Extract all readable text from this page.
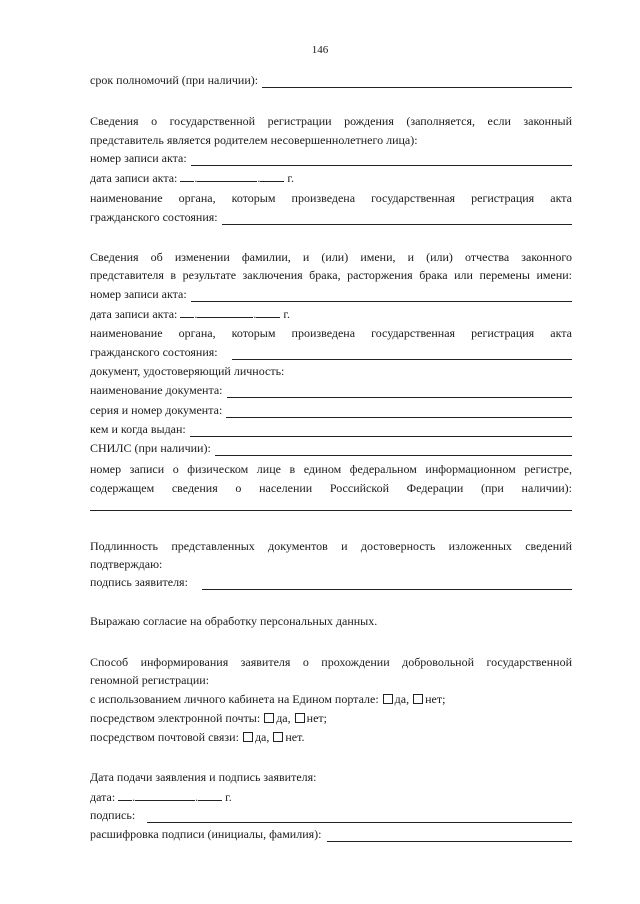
146
срок полномочий (при наличии):
Сведения о государственной регистрации рождения (заполняется, если законный
представитель является родителем несовершеннолетнего лица):
номер записи акта:
дата записи акта: .	. г.
наименование органа, которым произведена государственная регистрация акта
гражданского состояния:
Сведения об изменении фамилии, и (или) имени, и (или) отчества законного
представителя в результате заключения брака, расторжения брака или перемены имени:
номер записи акта:
дата записи акта: .	. г.
наименование органа, которым произведена государственная регистрация акта
гражданского состояния:
документ, удостоверяющий личность:
наименование документа:
серия и номер документа:
кем и когда выдан:
СНИЛС (при наличии):
номер записи о физическом лице в едином федеральном информационном регистре,
содержащем сведения о населении Российской Федерации (при наличии):
Подлинность представленных документов и достоверность изложенных сведений
подтверждаю:
подпись заявителя:
Выражаю согласие на обработку персональных данных.
Способ информирования заявителя о прохождении добровольной государственной
геномной регистрации:
с использованием личного кабинета на Едином портале: да, нет;
посредством электронной почты: да, нет;
посредством почтовой связи: да, нет.
Дата подачи заявления и подпись заявителя:
дата: .	. г.
подпись:
расшифровка подписи (инициалы, фамилия):
